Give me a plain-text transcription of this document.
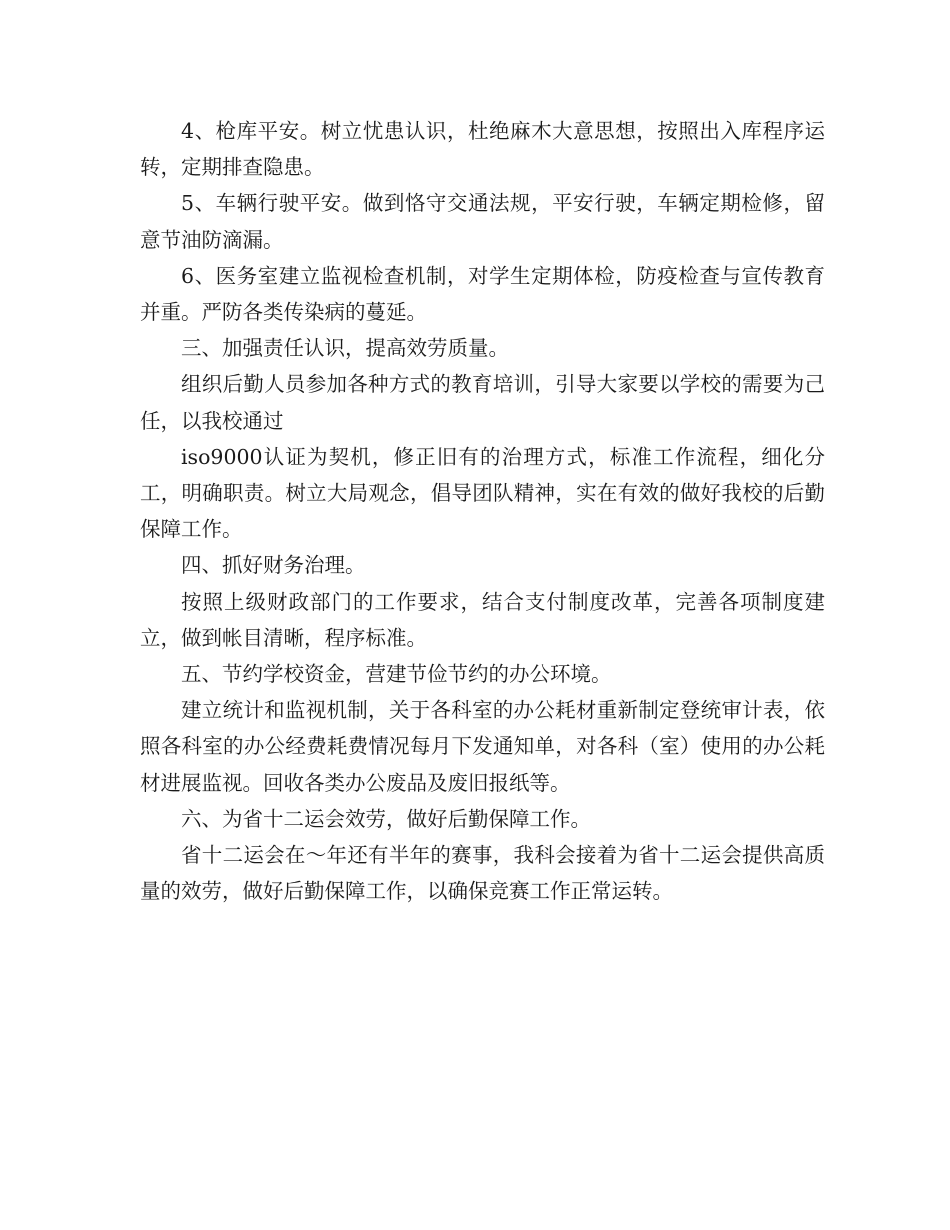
4、枪库平安。树立忧患认识，杜绝麻木大意思想，按照出入库程序运转，定期排查隐患。

5、车辆行驶平安。做到恪守交通法规，平安行驶，车辆定期检修，留意节油防滴漏。

6、医务室建立监视检查机制，对学生定期体检，防疫检查与宣传教育并重。严防各类传染病的蔓延。

三、加强责任认识，提高效劳质量。

组织后勤人员参加各种方式的教育培训，引导大家要以学校的需要为己任，以我校通过

iso9000认证为契机，修正旧有的治理方式，标准工作流程，细化分工，明确职责。树立大局观念，倡导团队精神，实在有效的做好我校的后勤保障工作。

四、抓好财务治理。

按照上级财政部门的工作要求，结合支付制度改革，完善各项制度建立，做到帐目清晰，程序标准。

五、节约学校资金，营建节俭节约的办公环境。

建立统计和监视机制，关于各科室的办公耗材重新制定登统审计表，依照各科室的办公经费耗费情况每月下发通知单，对各科（室）使用的办公耗材进展监视。回收各类办公废品及废旧报纸等。

六、为省十二运会效劳，做好后勤保障工作。

省十二运会在～年还有半年的赛事，我科会接着为省十二运会提供高质量的效劳，做好后勤保障工作，以确保竞赛工作正常运转。
